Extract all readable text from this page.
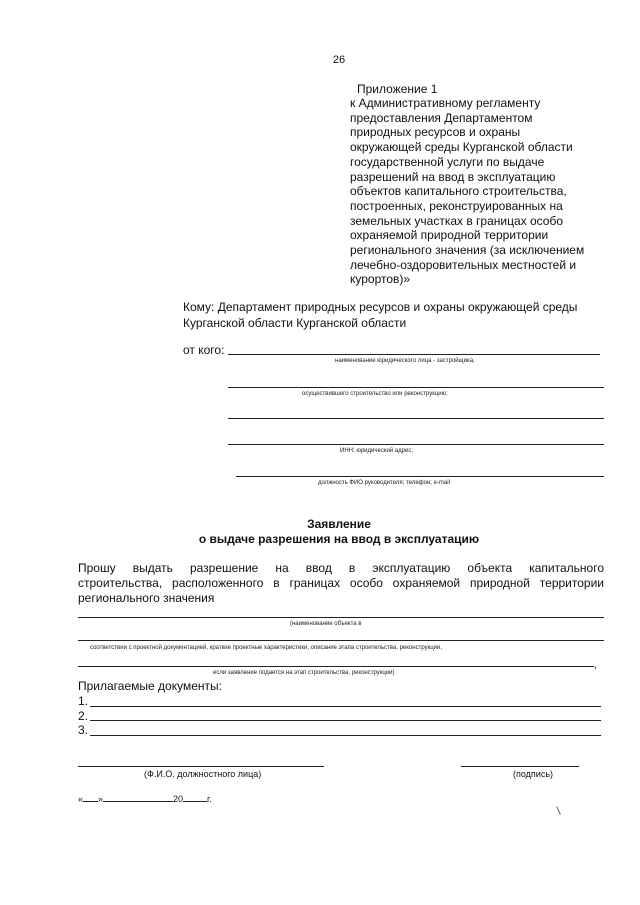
26
Приложение 1
к Административному регламенту
предоставления Департаментом
природных ресурсов и охраны
окружающей среды Курганской области
государственной услуги по выдаче
разрешений на ввод в эксплуатацию
объектов капитального строительства,
построенных, реконструированных на
земельных участках в границах особо
охраняемой природной территории
регионального значения (за исключением
лечебно-оздоровительных местностей и
курортов)»
Кому: Департамент природных ресурсов и охраны окружающей среды
Курганской области Курганской области
от кого:
наименование юридического лица - застройщика,
осуществившего строительство или реконструкцию;
ИНН; юридический адрес;
должность ФИО руководителя; телефон; e-mail
Заявление
о выдаче разрешения на ввод в эксплуатацию
Прошу выдать разрешение на ввод в эксплуатацию объекта капитального
строительства, расположенного в границах особо охраняемой природной территории
регионального значения
(наименование объекта в
соответствии с проектной документацией, краткие проектные характеристики, описание этапа строительства, реконструкции,
,
если заявление подается на этап строительства, реконструкции)
Прилагаемые документы:
1.
2.
3.
(Ф.И.О. должностного лица)	(подпись)
« »	20	г.
